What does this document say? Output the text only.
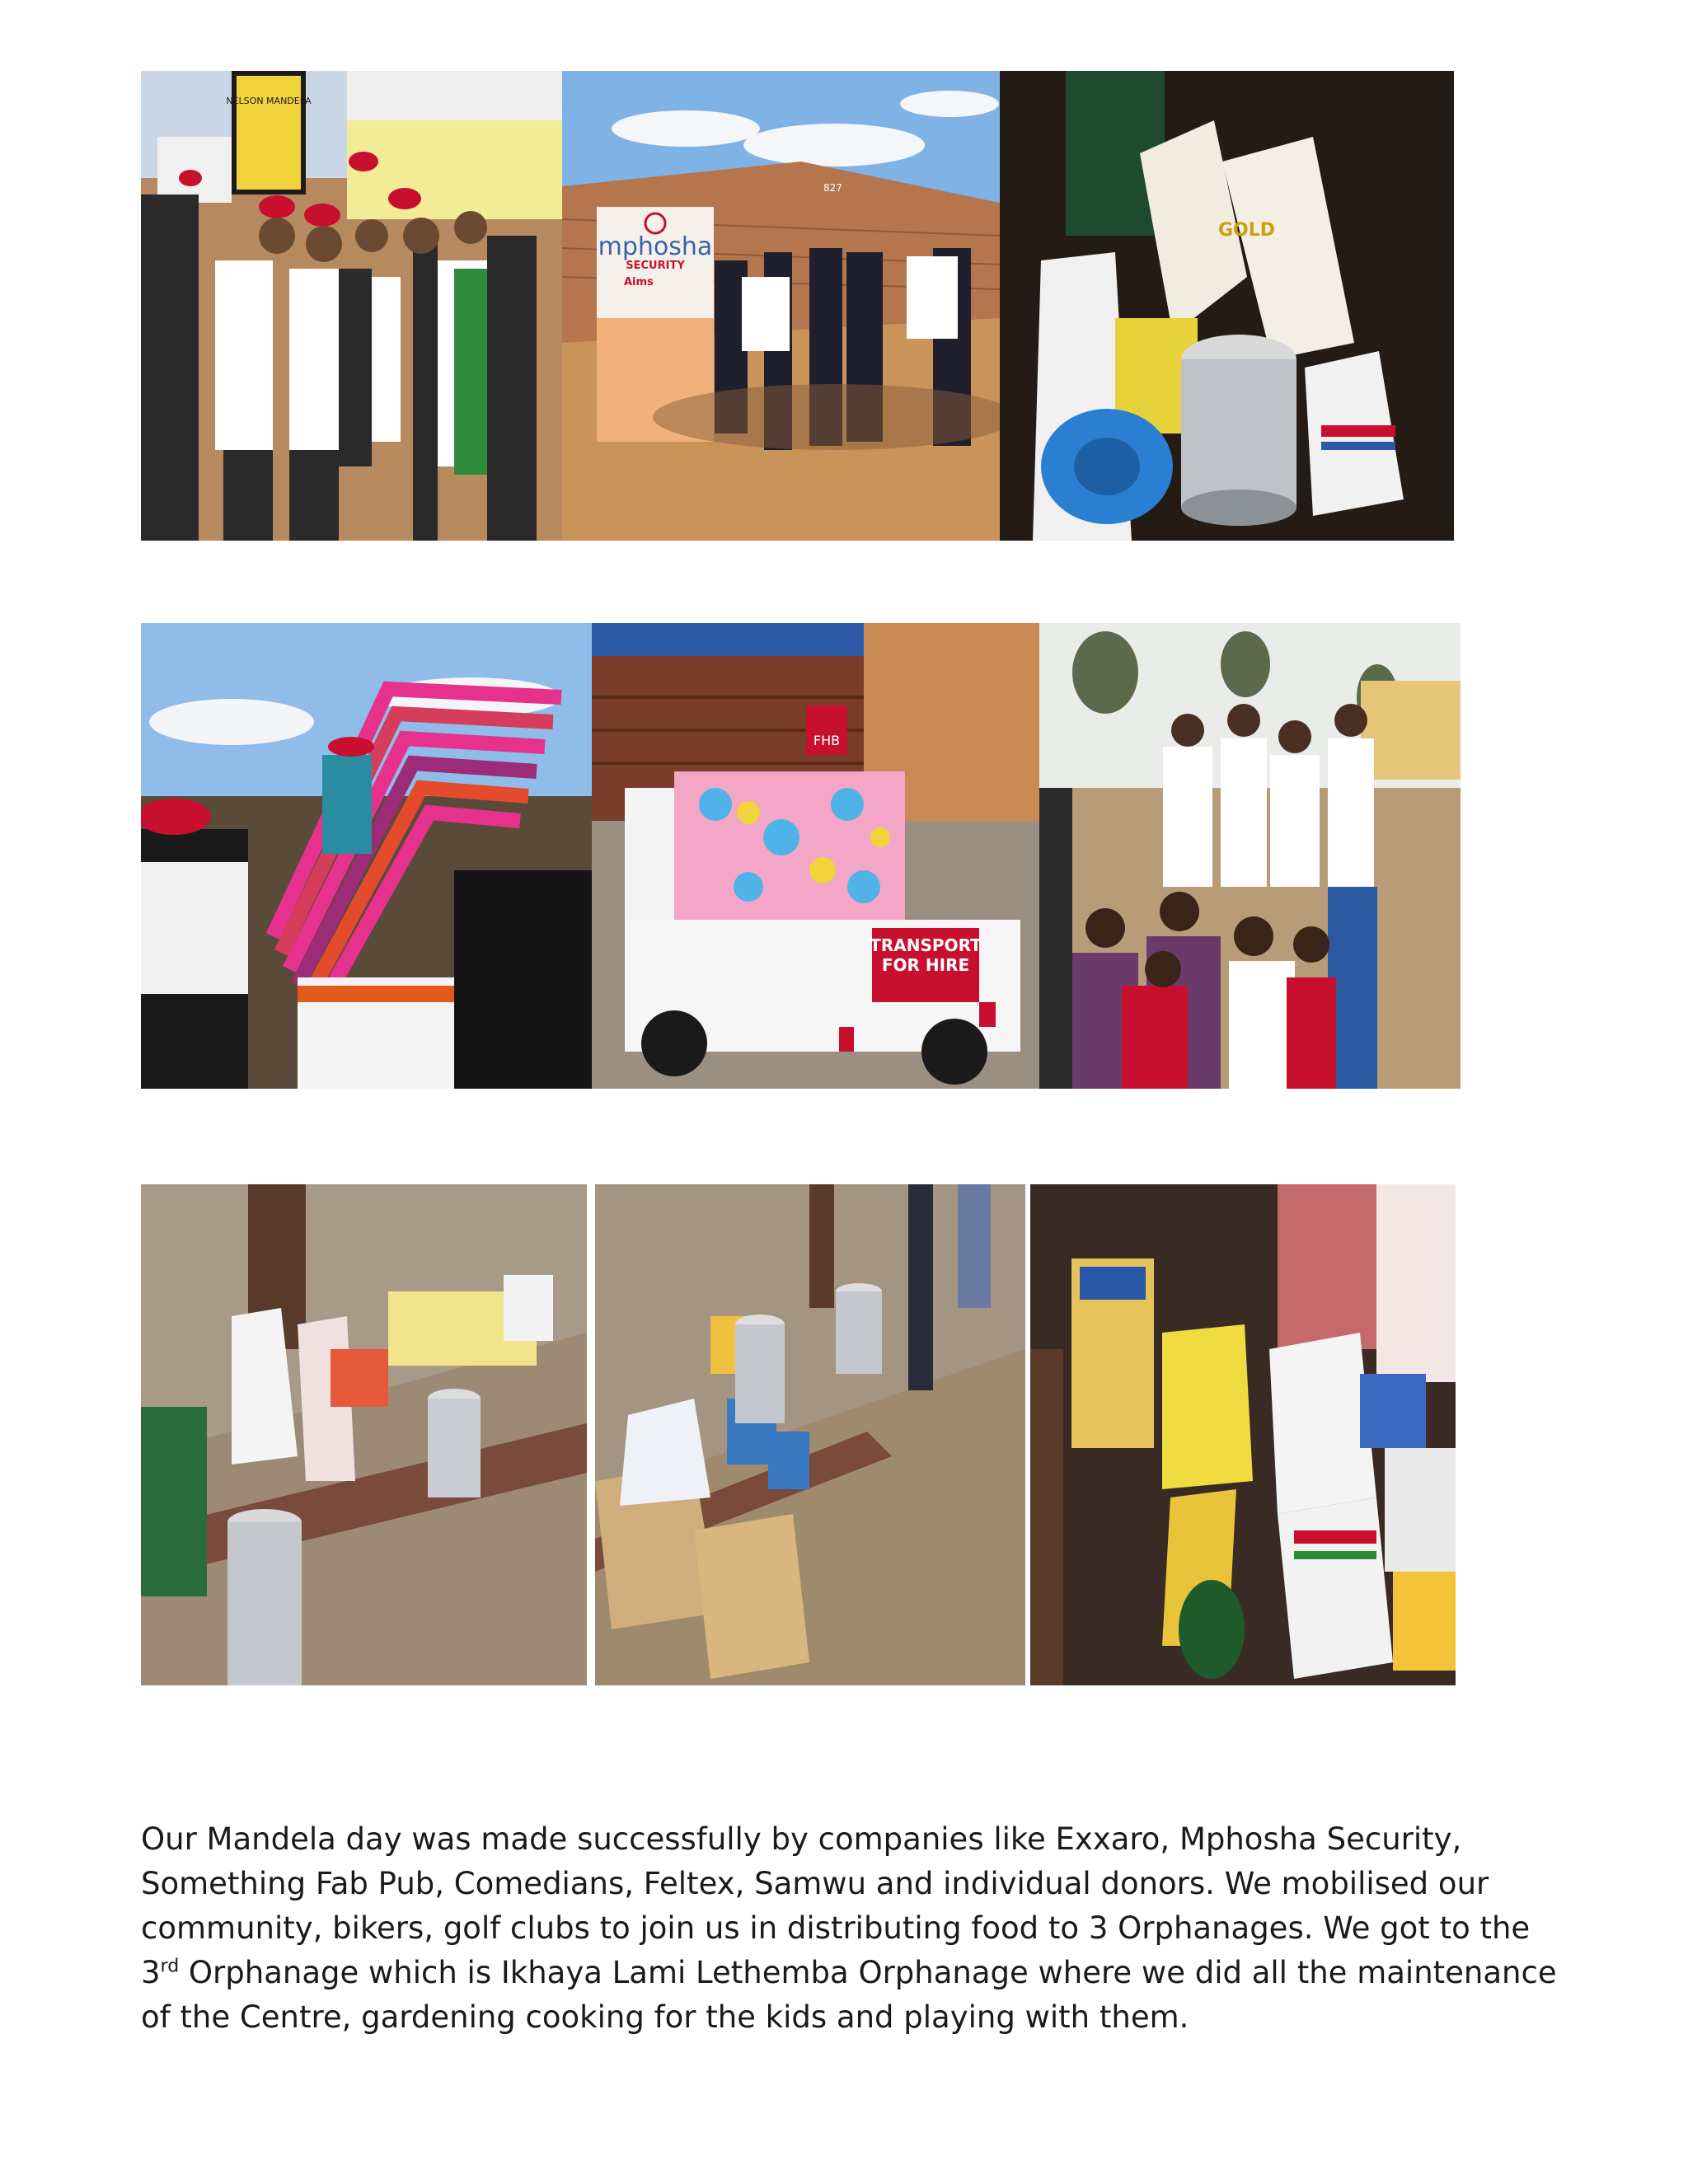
NELSON MANDELA
827
mphosha
SECURITY
Aims
GOLD
FHB
TRANSPORT
FOR HIRE
Call: 083 744 44 60

Our Mandela day was made successfully by companies like Exxaro, Mphosha Security, Something Fab Pub, Comedians, Feltex, Samwu and individual donors. We mobilised our community, bikers, golf clubs to join us in distributing food to 3 Orphanages. We got to the 3rd Orphanage which is Ikhaya Lami Lethemba Orphanage where we did all the maintenance of the Centre, gardening cooking for the kids and playing with them.
